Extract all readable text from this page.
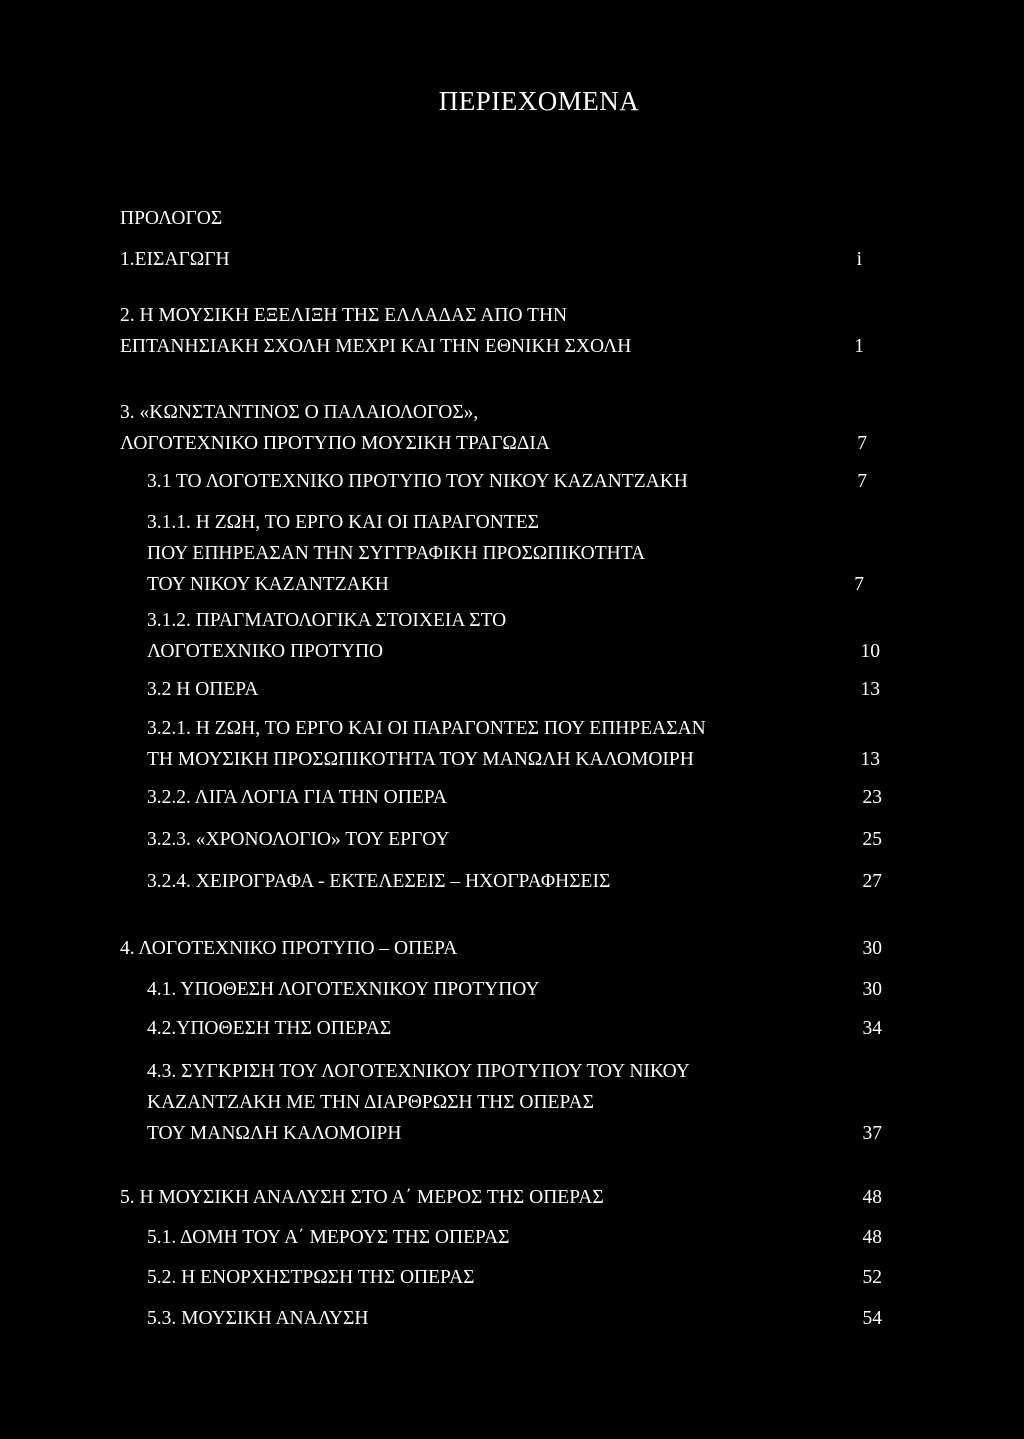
ΠΕΡΙΕΧΟΜΕΝΑ
ΠΡΟΛΟΓΟΣ
1.ΕΙΣΑΓΩΓΗ	i
2. Η ΜΟΥΣΙΚΗ ΕΞΕΛΙΞΗ ΤΗΣ ΕΛΛΑΔΑΣ ΑΠΟ ΤΗΝ
ΕΠΤΑΝΗΣΙΑΚΗ ΣΧΟΛΗ ΜΕΧΡΙ ΚΑΙ ΤΗΝ ΕΘΝΙΚΗ ΣΧΟΛΗ	1
3. «ΚΩΝΣΤΑΝΤΙΝΟΣ Ο ΠΑΛΑΙΟΛΟΓΟΣ»,
ΛΟΓΟΤΕΧΝΙΚΟ ΠΡΟΤΥΠΟ ΜΟΥΣΙΚΗ ΤΡΑΓΩΔΙΑ	7
3.1 ΤΟ ΛΟΓΟΤΕΧΝΙΚΟ ΠΡΟΤΥΠΟ ΤΟΥ ΝΙΚΟΥ ΚΑΖΑΝΤΖΑΚΗ	7
3.1.1. Η ΖΩΗ, ΤΟ ΕΡΓΟ ΚΑΙ ΟΙ ΠΑΡΑΓΟΝΤΕΣ
ΠΟΥ ΕΠΗΡΕΑΣΑΝ ΤΗΝ ΣΥΓΓΡΑΦΙΚΗ ΠΡΟΣΩΠΙΚΟΤΗΤΑ
ΤΟΥ ΝΙΚΟΥ ΚΑΖΑΝΤΖΑΚΗ	7
3.1.2. ΠΡΑΓΜΑΤΟΛΟΓΙΚΑ ΣΤΟΙΧΕΙΑ ΣΤΟ
ΛΟΓΟΤΕΧΝΙΚΟ ΠΡΟΤΥΠΟ	10
3.2 Η ΟΠΕΡΑ	13
3.2.1. Η ΖΩΗ, ΤΟ ΕΡΓΟ ΚΑΙ ΟΙ ΠΑΡΑΓΟΝΤΕΣ ΠΟΥ ΕΠΗΡΕΑΣΑΝ
ΤΗ ΜΟΥΣΙΚΗ ΠΡΟΣΩΠΙΚΟΤΗΤΑ ΤΟΥ ΜΑΝΩΛΗ ΚΑΛΟΜΟΙΡΗ	13
3.2.2. ΛΙΓΑ ΛΟΓΙΑ ΓΙΑ ΤΗΝ ΟΠΕΡΑ	23
3.2.3. «ΧΡΟΝΟΛΟΓΙΟ» ΤΟΥ ΕΡΓΟΥ	25
3.2.4. ΧΕΙΡΟΓΡΑΦΑ - ΕΚΤΕΛΕΣΕΙΣ – ΗΧΟΓΡΑΦΗΣΕΙΣ	27
4. ΛΟΓΟΤΕΧΝΙΚΟ ΠΡΟΤΥΠΟ – ΟΠΕΡΑ	30
4.1. ΥΠΟΘΕΣΗ ΛΟΓΟΤΕΧΝΙΚΟΥ ΠΡΟΤΥΠΟΥ	30
4.2.ΥΠΟΘΕΣΗ ΤΗΣ ΟΠΕΡΑΣ	34
4.3. ΣΥΓΚΡΙΣΗ ΤΟΥ ΛΟΓΟΤΕΧΝΙΚΟΥ ΠΡΟΤΥΠΟΥ ΤΟΥ ΝΙΚΟΥ
ΚΑΖΑΝΤΖΑΚΗ ΜΕ ΤΗΝ ΔΙΑΡΘΡΩΣΗ ΤΗΣ ΟΠΕΡΑΣ
ΤΟΥ ΜΑΝΩΛΗ ΚΑΛΟΜΟΙΡΗ	37
5. Η ΜΟΥΣΙΚΗ ΑΝΑΛΥΣΗ ΣΤΟ Α΄ ΜΕΡΟΣ ΤΗΣ ΟΠΕΡΑΣ	48
5.1. ΔΟΜΗ ΤΟΥ Α΄ ΜΕΡΟΥΣ ΤΗΣ ΟΠΕΡΑΣ	48
5.2. Η ΕΝΟΡΧΗΣΤΡΩΣΗ ΤΗΣ ΟΠΕΡΑΣ	52
5.3. ΜΟΥΣΙΚΗ ΑΝΑΛΥΣΗ	54
